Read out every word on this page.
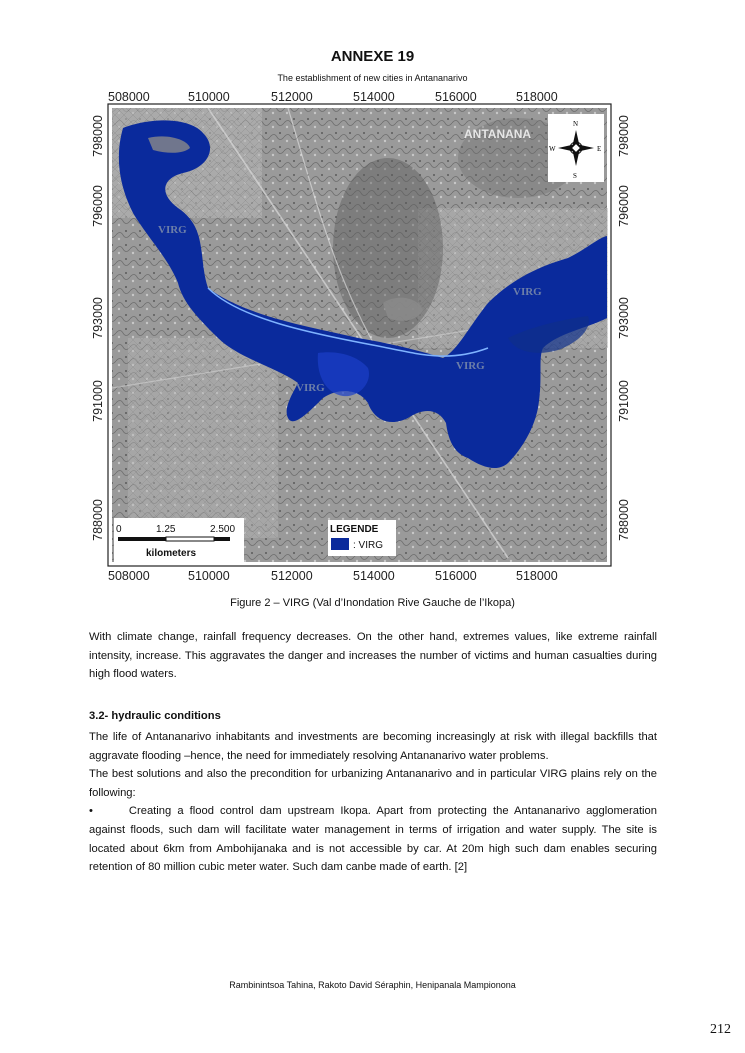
ANNEXE 19
The establishment of new cities in Antananarivo
VIRG
VIRG
VIRG
VIRG
ANTANANA
N
S
E
W
0	1.25	2.500
kilometers
LEGENDE
: VIRG
508000	510000	512000	514000	516000	518000
508000	510000	512000	514000	516000	518000
798000
796000
793000
791000
788000
798000
796000
793000
791000
788000
Figure 2 – VIRG (Val d’Inondation Rive Gauche de l’Ikopa)
With climate change, rainfall frequency decreases. On the other hand, extremes values, like extreme rainfall intensity, increase. This aggravates the danger and increases the number of victims and human casualties during high flood waters.
3.2- hydraulic conditions
The life of Antananarivo inhabitants and investments are becoming increasingly at risk with illegal backfills that aggravate flooding –hence, the need for immediately resolving Antananarivo water problems.
The best solutions and also the precondition for urbanizing Antananarivo and in particular VIRG plains rely on the following:
•	Creating a flood control dam upstream Ikopa. Apart from protecting the Antananarivo agglomeration against floods, such dam will facilitate water management in terms of irrigation and water supply. The site is located about 6km from Ambohijanaka and is not accessible by car. At 20m high such dam enables securing retention of 80 million cubic meter water. Such dam canbe made of earth. [2]
Rambinintsoa Tahina, Rakoto David Séraphin, Henipanala Mampionona
212
